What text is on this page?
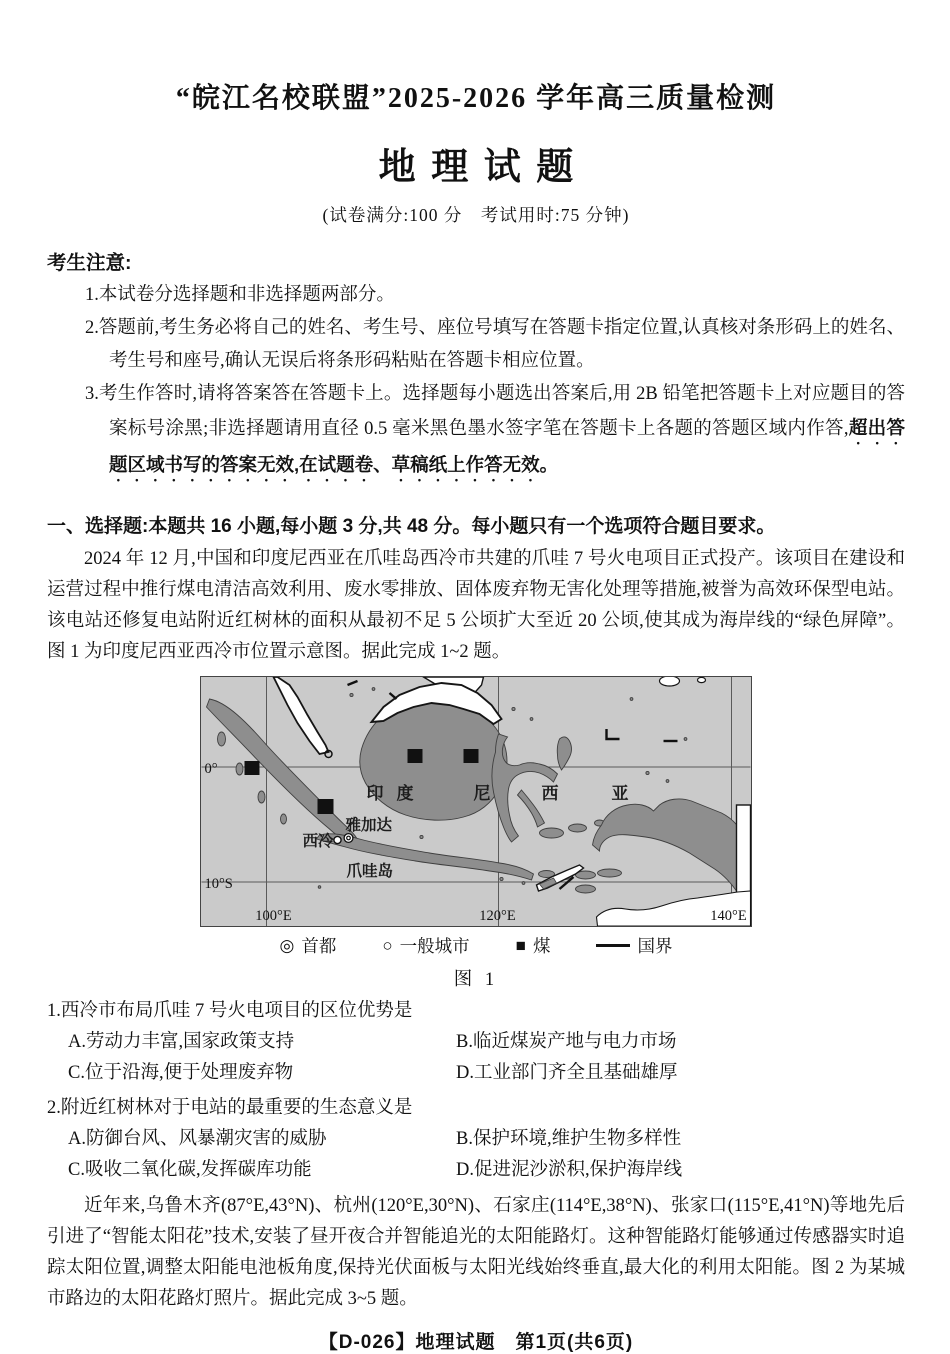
“皖江名校联盟”2025-2026 学年高三质量检测
地理试题
(试卷满分:100 分　考试用时:75 分钟)
考生注意:
1.本试卷分选择题和非选择题两部分。
2.答题前,考生务必将自己的姓名、考生号、座位号填写在答题卡指定位置,认真核对条形码上的姓名、考生号和座号,确认无误后将条形码粘贴在答题卡相应位置。
3.考生作答时,请将答案答在答题卡上。选择题每小题选出答案后,用 2B 铅笔把答题卡上对应题目的答案标号涂黑;非选择题请用直径 0.5 毫米黑色墨水签字笔在答题卡上各题的答题区域内作答,超出答题区域书写的答案无效,在试题卷、草稿纸上作答无效。
一、选择题:本题共 16 小题,每小题 3 分,共 48 分。每小题只有一个选项符合题目要求。
2024 年 12 月,中国和印度尼西亚在爪哇岛西冷市共建的爪哇 7 号火电项目正式投产。该项目在建设和运营过程中推行煤电清洁高效利用、废水零排放、固体废弃物无害化处理等措施,被誉为高效环保型电站。该电站还修复电站附近红树林的面积从最初不足 5 公顷扩大至近 20 公顷,使其成为海岸线的“绿色屏障”。图 1 为印度尼西亚西冷市位置示意图。据此完成 1~2 题。
印 度	尼	西	亚
雅加达
西冷
爪哇岛
0°
10°S
100°E	120°E	140°E
◎ 首都	○ 一般城市	■ 煤	国界
图 1
1.西冷市布局爪哇 7 号火电项目的区位优势是
A.劳动力丰富,国家政策支持	B.临近煤炭产地与电力市场
C.位于沿海,便于处理废弃物	D.工业部门齐全且基础雄厚
2.附近红树林对于电站的最重要的生态意义是
A.防御台风、风暴潮灾害的威胁	B.保护环境,维护生物多样性
C.吸收二氧化碳,发挥碳库功能	D.促进泥沙淤积,保护海岸线
近年来,乌鲁木齐(87°E,43°N)、杭州(120°E,30°N)、石家庄(114°E,38°N)、张家口(115°E,41°N)等地先后引进了“智能太阳花”技术,安装了昼开夜合并智能追光的太阳能路灯。这种智能路灯能够通过传感器实时追踪太阳位置,调整太阳能电池板角度,保持光伏面板与太阳光线始终垂直,最大化的利用太阳能。图 2 为某城市路边的太阳花路灯照片。据此完成 3~5 题。
【D-026】地理试题　第1页(共6页)
